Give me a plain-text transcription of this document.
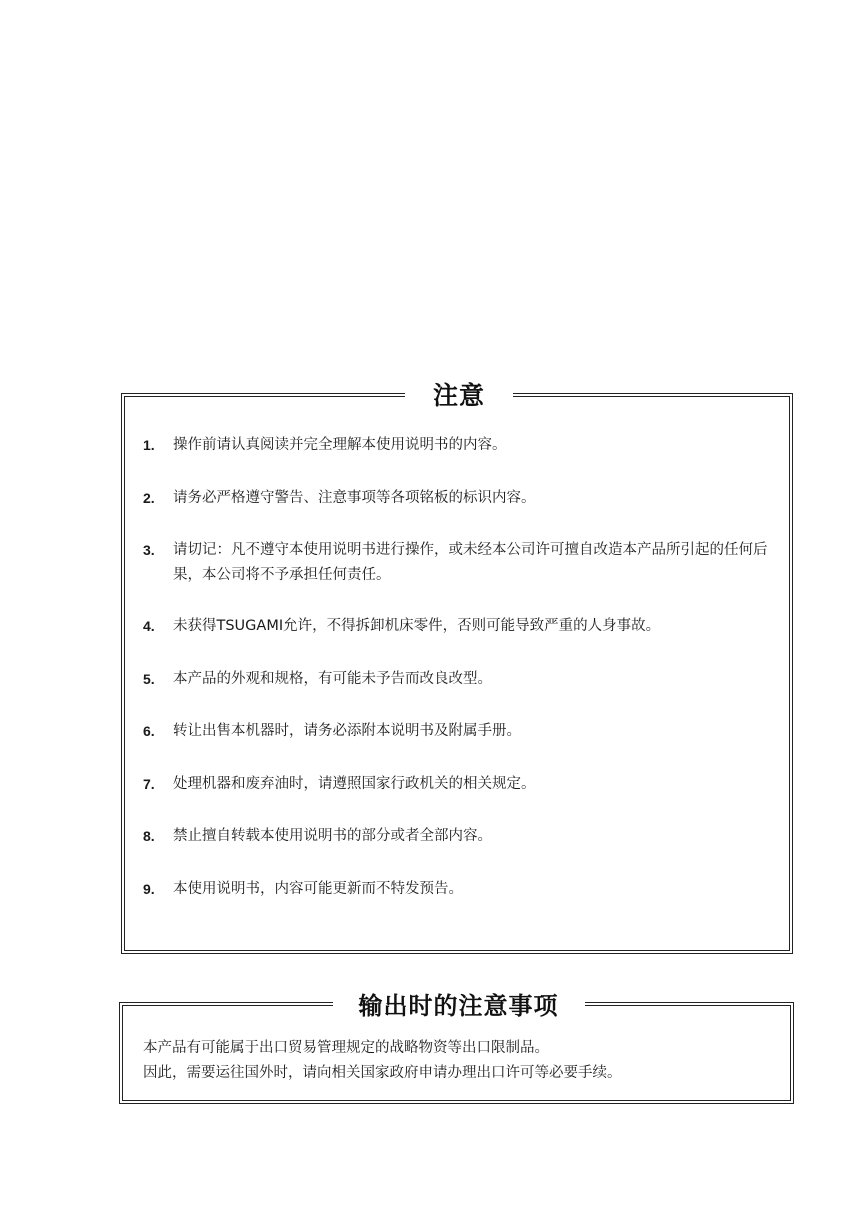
注意
1. 操作前请认真阅读并完全理解本使用说明书的内容。
2. 请务必严格遵守警告、注意事项等各项铭板的标识内容。
3. 请切记：凡不遵守本使用说明书进行操作，或未经本公司许可擅自改造本产品所引起的任何后果，本公司将不予承担任何责任。
4. 未获得TSUGAMI允许，不得拆卸机床零件，否则可能导致严重的人身事故。
5. 本产品的外观和规格，有可能未予告而改良改型。
6. 转让出售本机器时，请务必添附本说明书及附属手册。
7. 处理机器和废弃油时，请遵照国家行政机关的相关规定。
8. 禁止擅自转载本使用说明书的部分或者全部内容。
9. 本使用说明书，内容可能更新而不特发预告。
输出时的注意事项
本产品有可能属于出口贸易管理规定的战略物资等出口限制品。
因此，需要运往国外时，请向相关国家政府申请办理出口许可等必要手续。
